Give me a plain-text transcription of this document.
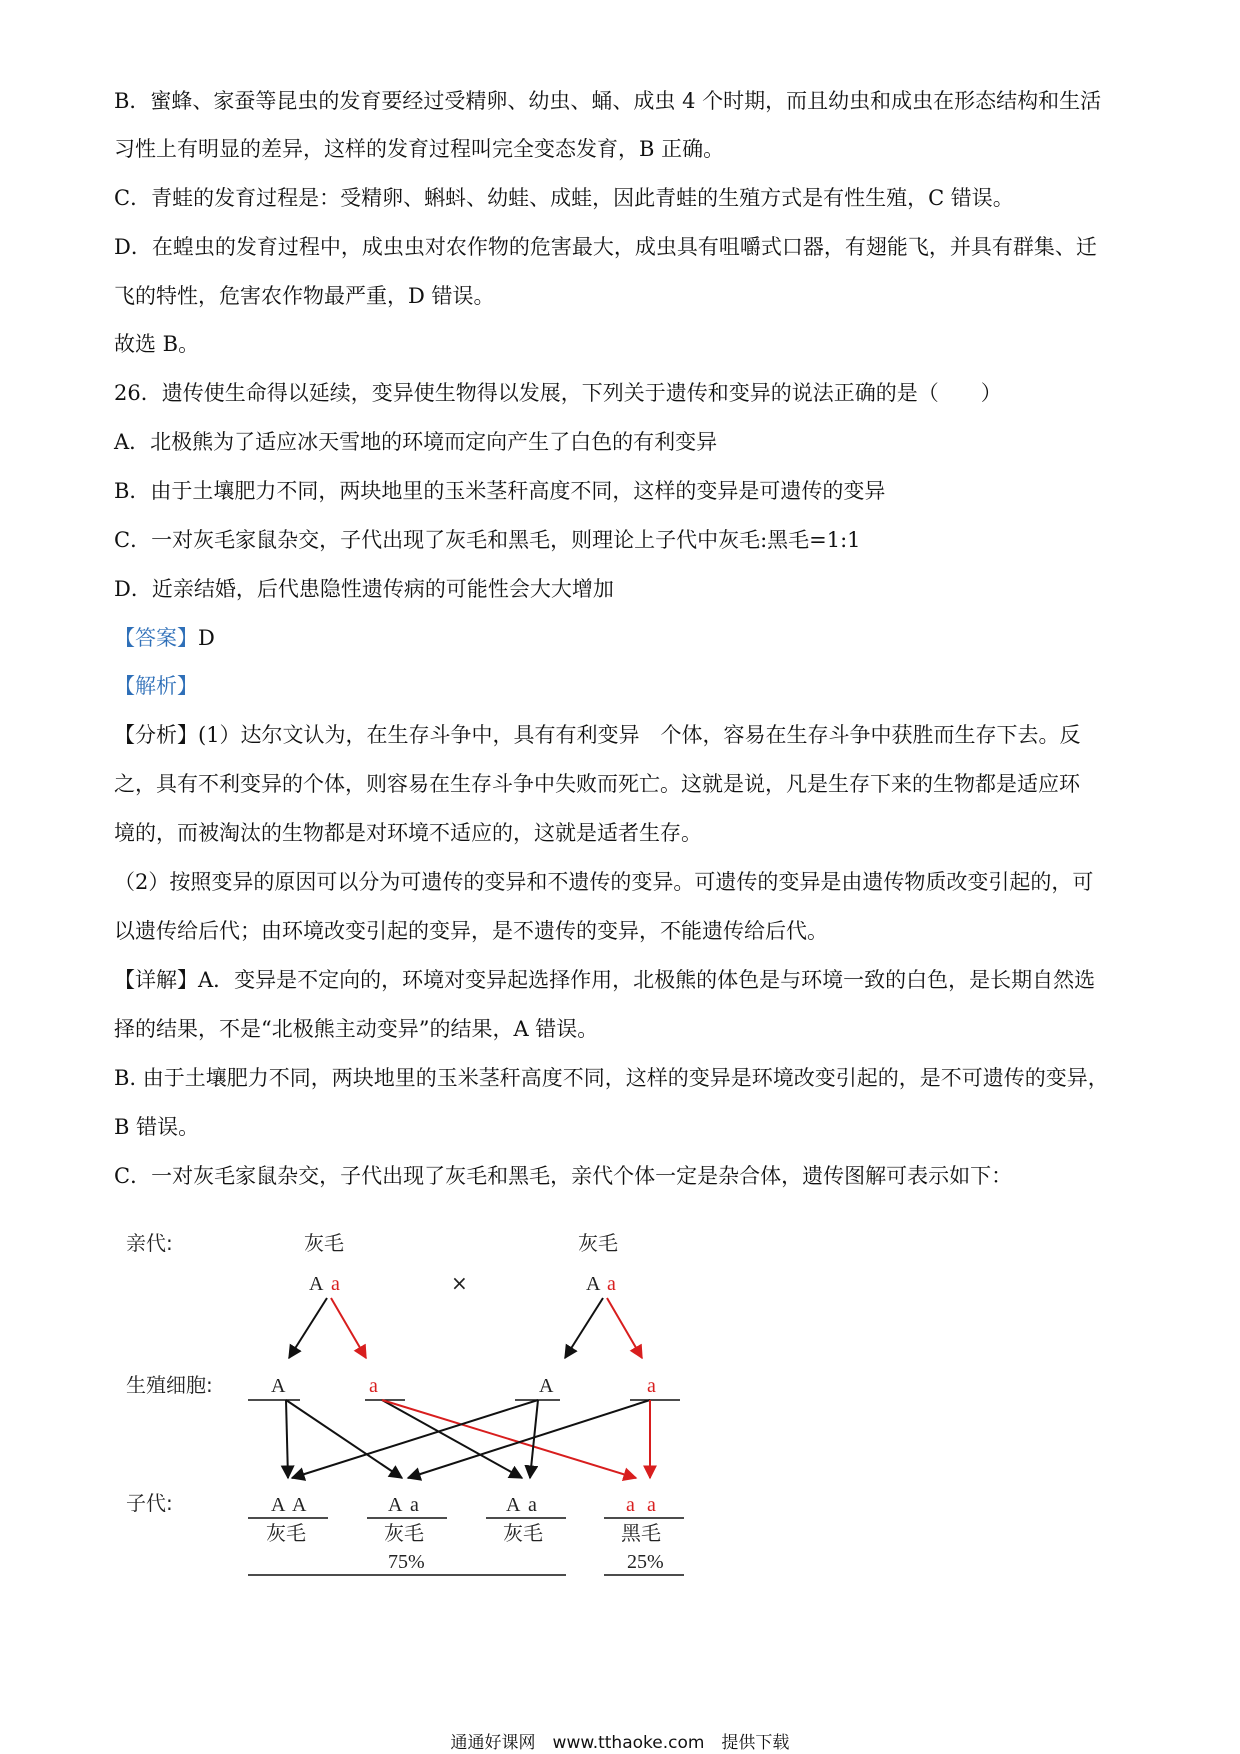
B．蜜蜂、家蚕等昆虫的发育要经过受精卵、幼虫、蛹、成虫 4 个时期，而且幼虫和成虫在形态结构和生活
习性上有明显的差异，这样的发育过程叫完全变态发育，B 正确。
C．青蛙的发育过程是：受精卵、蝌蚪、幼蛙、成蛙，因此青蛙的生殖方式是有性生殖，C 错误。
D．在蝗虫的发育过程中，成虫虫对农作物的危害最大，成虫具有咀嚼式口器，有翅能飞，并具有群集、迁
飞的特性，危害农作物最严重，D 错误。
故选 B。
26．遗传使生命得以延续，变异使生物得以发展，下列关于遗传和变异的说法正确的是（　　）
A．北极熊为了适应冰天雪地的环境而定向产生了白色的有利变异
B．由于土壤肥力不同，两块地里的玉米茎秆高度不同，这样的变异是可遗传的变异
C．一对灰毛家鼠杂交，子代出现了灰毛和黑毛，则理论上子代中灰毛:黑毛=1:1
D．近亲结婚，后代患隐性遗传病的可能性会大大增加
【答案】D
【解析】
【分析】(1）达尔文认为，在生存斗争中，具有有利变异　个体，容易在生存斗争中获胜而生存下去。反
之，具有不利变异的个体，则容易在生存斗争中失败而死亡。这就是说，凡是生存下来的生物都是适应环
境的，而被淘汰的生物都是对环境不适应的，这就是适者生存。
（2）按照变异的原因可以分为可遗传的变异和不遗传的变异。可遗传的变异是由遗传物质改变引起的，可
以遗传给后代；由环境改变引起的变异，是不遗传的变异，不能遗传给后代。
【详解】A．变异是不定向的，环境对变异起选择作用，北极熊的体色是与环境一致的白色，是长期自然选
择的结果，不是“北极熊主动变异”的结果，A 错误。
B. 由于土壤肥力不同，两块地里的玉米茎秆高度不同，这样的变异是环境改变引起的，是不可遗传的变异，
B 错误。
C．一对灰毛家鼠杂交，子代出现了灰毛和黑毛，亲代个体一定是杂合体，遗传图解可表示如下：
亲代:
生殖细胞:
子代:
灰毛	灰毛
A a	×	A a
A	a	A	a
A A	A a	A a	a a
灰毛	灰毛	灰毛	黑毛
75%	25%
通通好课网　www.tthaoke.com　提供下载
